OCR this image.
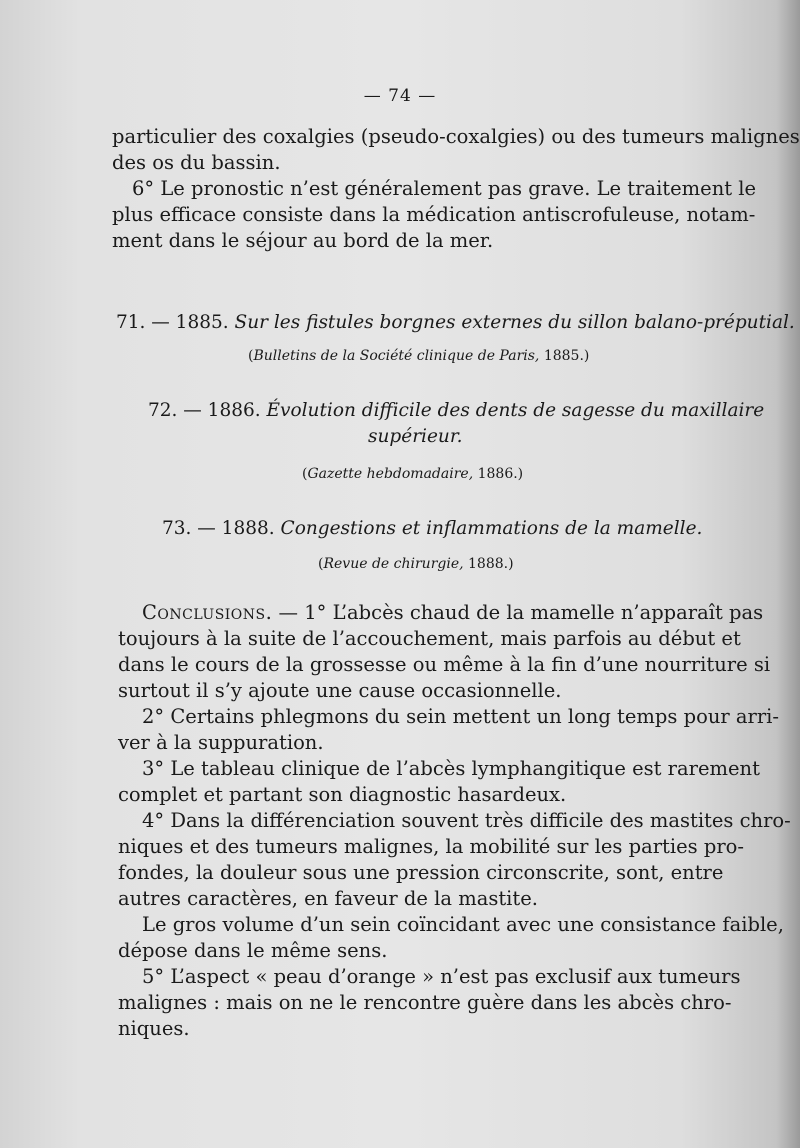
— 74 —
particulier des coxalgies (pseudo-coxalgies) ou des tumeurs malignes
des os du bassin.
6° Le pronostic n’est généralement pas grave. Le traitement le
plus efficace consiste dans la médication antiscrofuleuse, notam-
ment dans le séjour au bord de la mer.
71. — 1885. Sur les fistules borgnes externes du sillon balano-préputial.
(Bulletins de la Société clinique de Paris, 1885.)
72. — 1886. Évolution difficile des dents de sagesse du maxillaire
supérieur.
(Gazette hebdomadaire, 1886.)
73. — 1888. Congestions et inflammations de la mamelle.
(Revue de chirurgie, 1888.)
Conclusions. — 1° L’abcès chaud de la mamelle n’apparaît pas
toujours à la suite de l’accouchement, mais parfois au début et
dans le cours de la grossesse ou même à la fin d’une nourriture si
surtout il s’y ajoute une cause occasionnelle.
2° Certains phlegmons du sein mettent un long temps pour arri-
ver à la suppuration.
3° Le tableau clinique de l’abcès lymphangitique est rarement
complet et partant son diagnostic hasardeux.
4° Dans la différenciation souvent très difficile des mastites chro-
niques et des tumeurs malignes, la mobilité sur les parties pro-
fondes, la douleur sous une pression circonscrite, sont, entre
autres caractères, en faveur de la mastite.
Le gros volume d’un sein coïncidant avec une consistance faible,
dépose dans le même sens.
5° L’aspect « peau d’orange » n’est pas exclusif aux tumeurs
malignes : mais on ne le rencontre guère dans les abcès chro-
niques.
